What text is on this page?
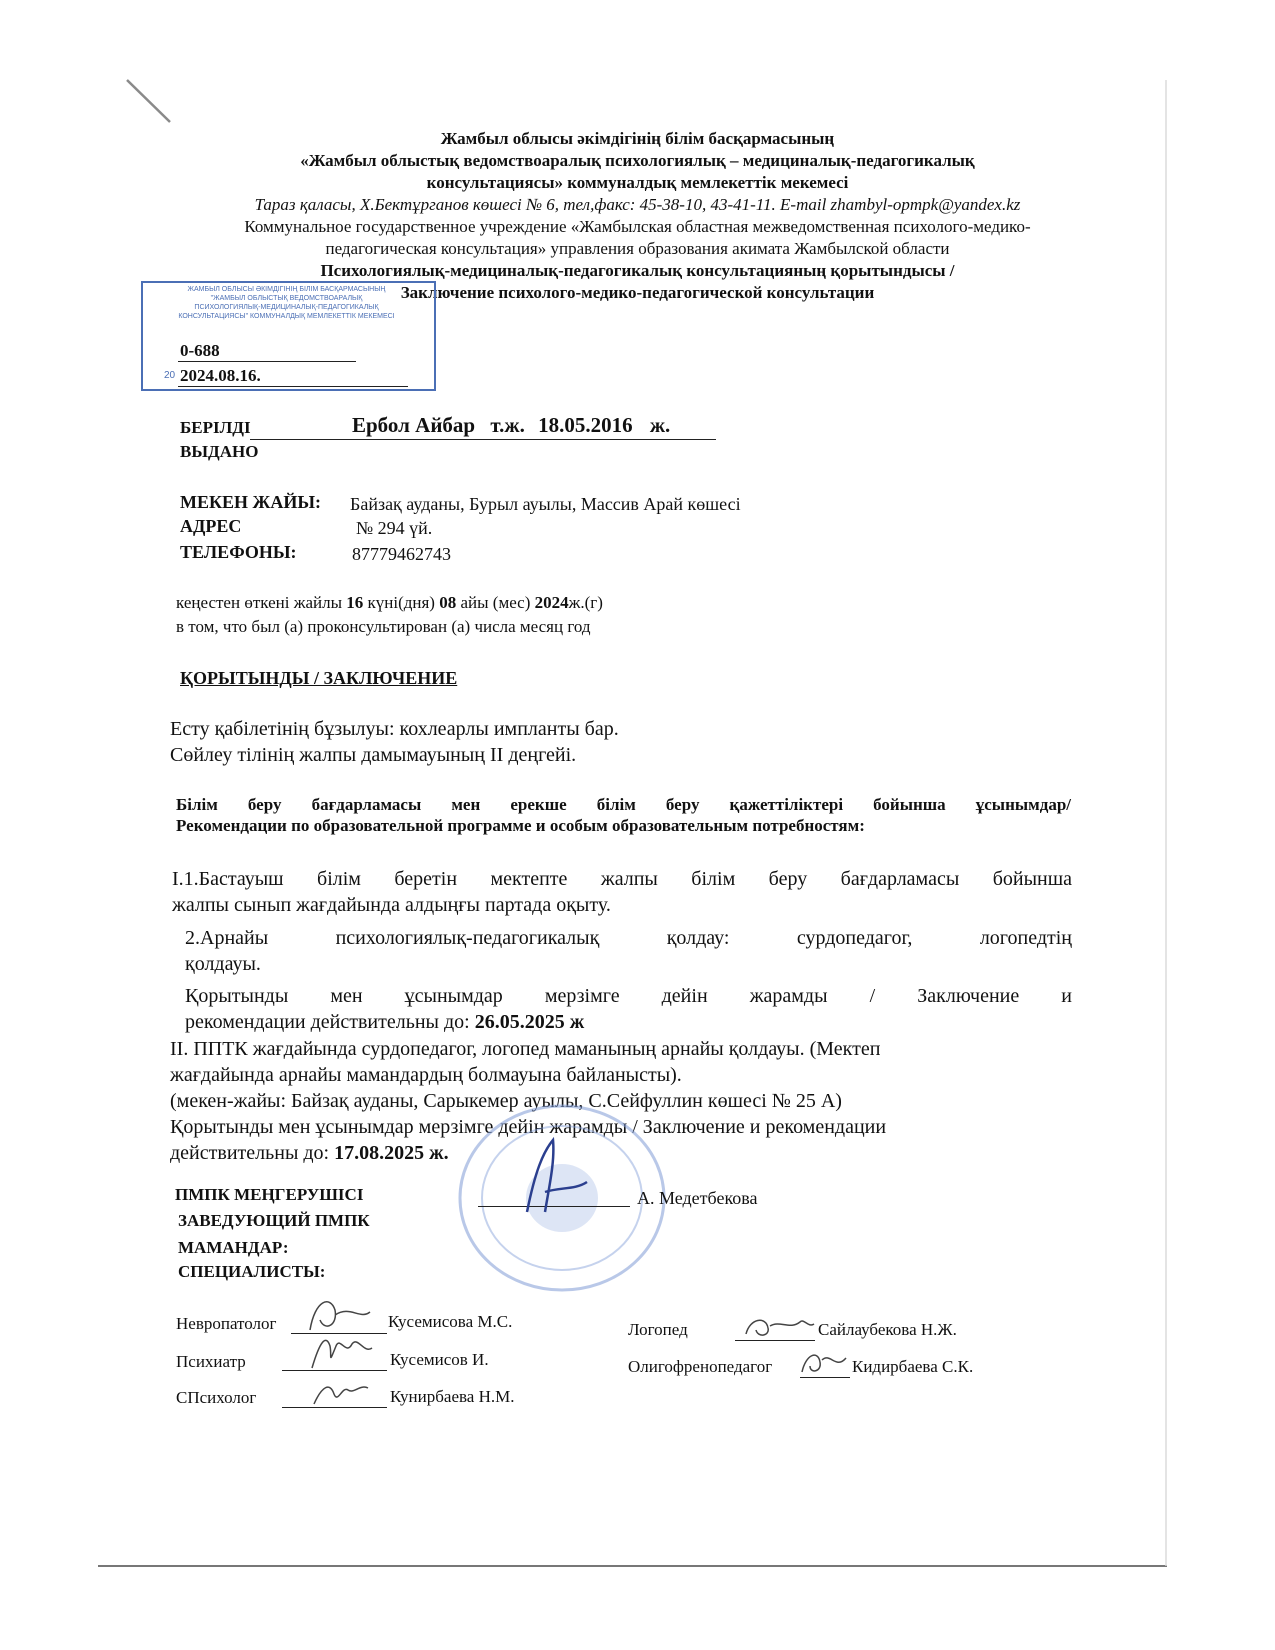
Жамбыл облысы әкімдігінің білім басқармасының
«Жамбыл облыстық ведомствоаралық психологиялық – медициналық-педагогикалық
консультациясы» коммуналдық мемлекеттік мекемесі
Тараз қаласы, Х.Бектұрганов көшесі № 6, тел,факс: 45-38-10, 43-41-11. E-mail zhambyl-opmpk@yandex.kz
Коммунальное государственное учреждение «Жамбылская областная межведомственная психолого-медико-
педагогическая консультация» управления образования акимата Жамбылской области
Психологиялық-медициналық-педагогикалық консультацияның қорытындысы /
Заключение психолого-медико-педагогической консультации
ЖАМБЫЛ ОБЛЫСЫ ӘКІМДІГІНІҢ БІЛІМ БАСҚАРМАСЫНЫҢ
"ЖАМБЫЛ ОБЛЫСТЫҚ ВЕДОМСТВОАРАЛЫҚ
ПСИХОЛОГИЯЛЫҚ-МЕДИЦИНАЛЫҚ-ПЕДАГОГИКАЛЫҚ
КОНСУЛЬТАЦИЯСЫ" КОММУНАЛДЫҚ МЕМЛЕКЕТТІК МЕКЕМЕСІ
0-688
20 2024.08.16.
БЕРІЛДІ
ВЫДАНО
Ербол Айбар т.ж. 18.05.2016 ж.
МЕКЕН ЖАЙЫ:
АДРЕС
Байзақ ауданы, Бурыл ауылы, Массив Арай көшесі
№ 294 үй.
ТЕЛЕФОНЫ:	87779462743
кеңестен өткені жайлы 16 күні(дня) 08 айы (мес) 2024ж.(г)
в том, что был (а) проконсультирован (а) числа месяц год
ҚОРЫТЫНДЫ / ЗАКЛЮЧЕНИЕ
Есту қабілетінің бұзылуы: кохлеарлы импланты бар.
Сөйлеу тілінің жалпы дамымауының II деңгейі.
Білім беру бағдарламасы мен ерекше білім беру қажеттіліктері бойынша ұсынымдар/
Рекомендации по образовательной программе и особым образовательным потребностям:
I.1.Бастауыш білім беретін мектепте жалпы білім беру бағдарламасы бойынша
жалпы сынып жағдайында алдыңғы партада оқыту.
2.Арнайы психологиялық-педагогикалық қолдау: сурдопедагог, логопедтің
қолдауы.
Қорытынды мен ұсынымдар мерзімге дейін жарамды / Заключение и
рекомендации действительны до: 26.05.2025 ж
II. ППТК жағдайында сурдопедагог, логопед маманының арнайы қолдауы. (Мектеп
жағдайында арнайы мамандардың болмауына байланысты).
(мекен-жайы: Байзақ ауданы, Сарыкемер ауылы, С.Сейфуллин көшесі № 25 А)
Қорытынды мен ұсынымдар мерзімге дейін жарамды / Заключение и рекомендации
действительны до: 17.08.2025 ж.
ПМПК МЕҢГЕРУШІСІ
ЗАВЕДУЮЩИЙ ПМПК
А. Медетбекова
МАМАНДАР:
СПЕЦИАЛИСТЫ:
Невропатолог	Кусемисова М.С.
Психиатр	Кусемисов И.
СПсихолог	Кунирбаева Н.М.
Логопед	Сайлаубекова Н.Ж.
Олигофренопедагог	Кидирбаева С.К.
